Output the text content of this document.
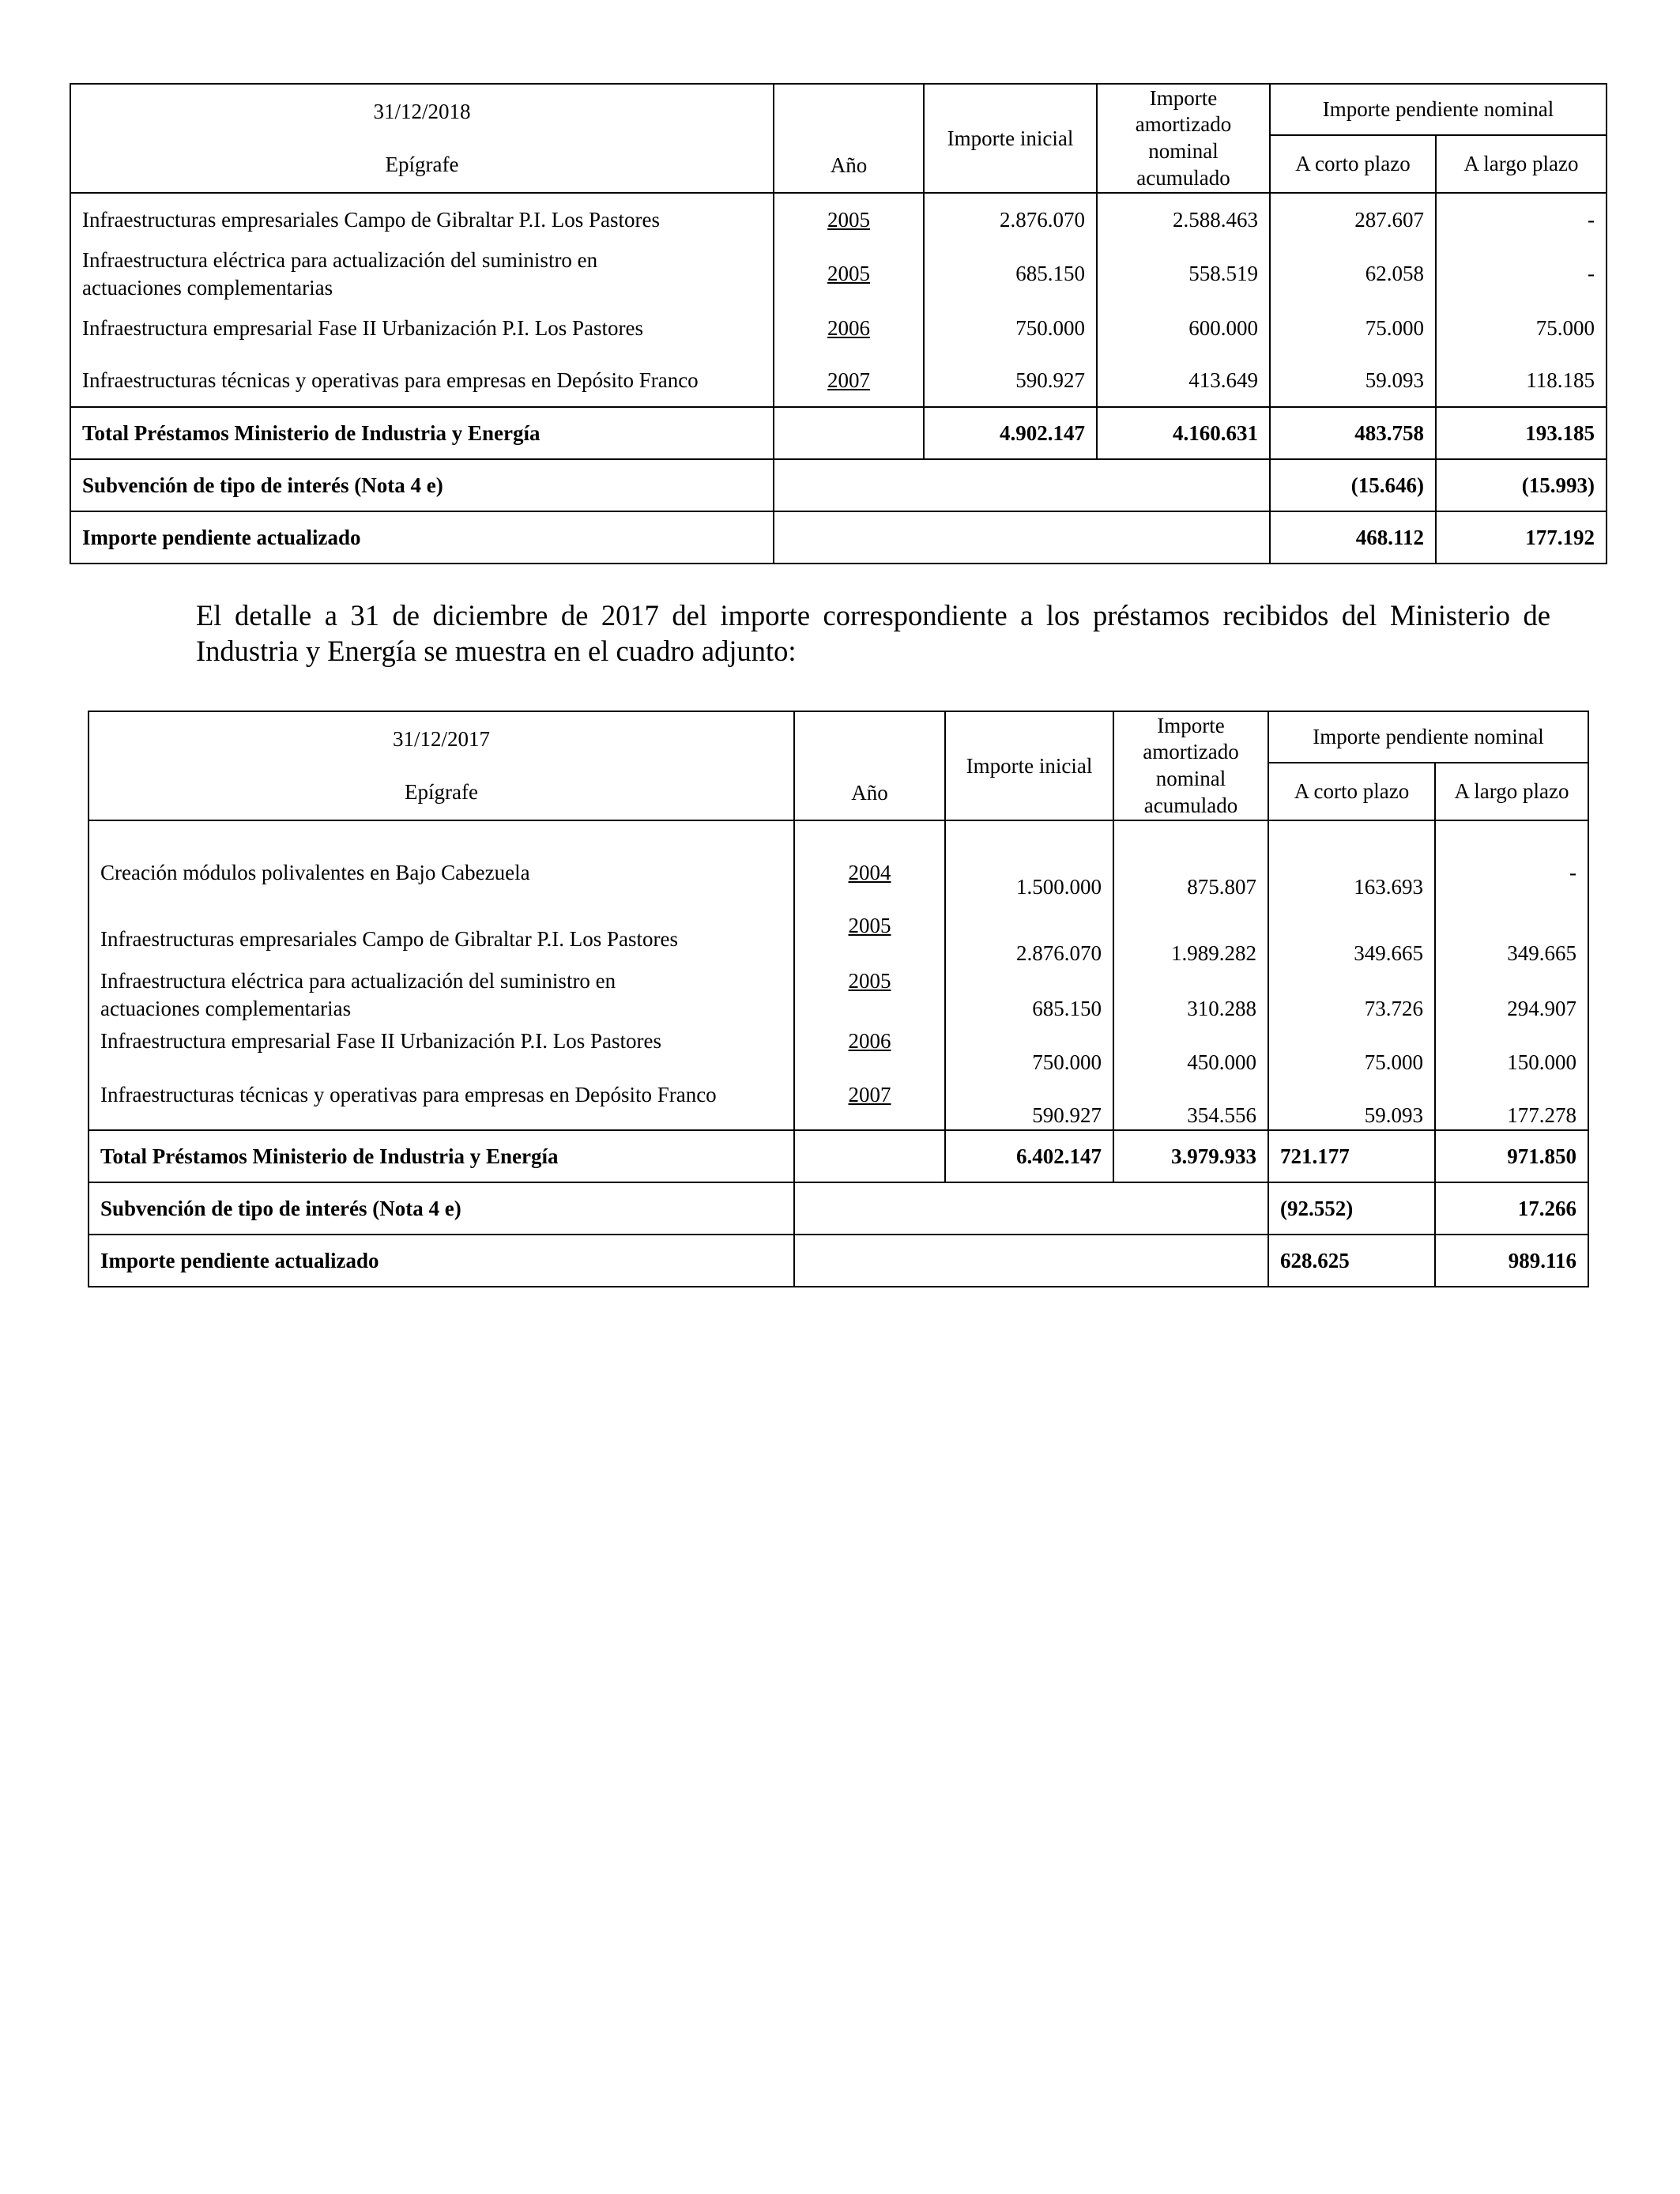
31/12/2018
Epígrafe	Año	Importe inicial	Importe
amortizado
nominal
acumulado	Importe pendiente nominal	
				A corto plazo	A largo plazo
Infraestructuras empresariales Campo de Gibraltar P.I. Los Pastores	2005	2.876.070	2.588.463	287.607	-

Infraestructura eléctrica para actualización del suministro en
actuaciones complementarias	2005	685.150	558.519	62.058	-
Infraestructura empresarial Fase II Urbanización P.I. Los Pastores	2006	750.000	600.000	75.000	75.000
Infraestructuras técnicas y operativas para empresas en Depósito Franco	2007	590.927	413.649	59.093	118.185
Total Préstamos Ministerio de Industria y Energía		4.902.147	4.160.631	483.758	193.185
Subvención de tipo de interés (Nota 4 e)				(15.646)	(15.993)
Importe pendiente actualizado				468.112	177.192
El detalle a 31 de diciembre de 2017 del importe correspondiente a los préstamos recibidos del Ministerio de Industria y Energía se muestra en el cuadro adjunto:
31/12/2017
Epígrafe	Año	Importe inicial	Importe
amortizado
nominal
acumulado	Importe pendiente nominal	
				A corto plazo	A largo plazo
Creación módulos polivalentes en Bajo Cabezuela	2004	1.500.000	875.807	163.693	-
Infraestructuras empresariales Campo de Gibraltar P.I. Los Pastores	2005	2.876.070	1.989.282	349.665	349.665

Infraestructura eléctrica para actualización del suministro en
actuaciones complementarias	2005	685.150	310.288	73.726	294.907
Infraestructura empresarial Fase II Urbanización P.I. Los Pastores	2006	750.000	450.000	75.000	150.000
Infraestructuras técnicas y operativas para empresas en Depósito Franco	2007	590.927	354.556	59.093	177.278
Total Préstamos Ministerio de Industria y Energía		6.402.147	3.979.933	721.177	971.850
Subvención de tipo de interés (Nota 4 e)				(92.552)	17.266
Importe pendiente actualizado				628.625	989.116
